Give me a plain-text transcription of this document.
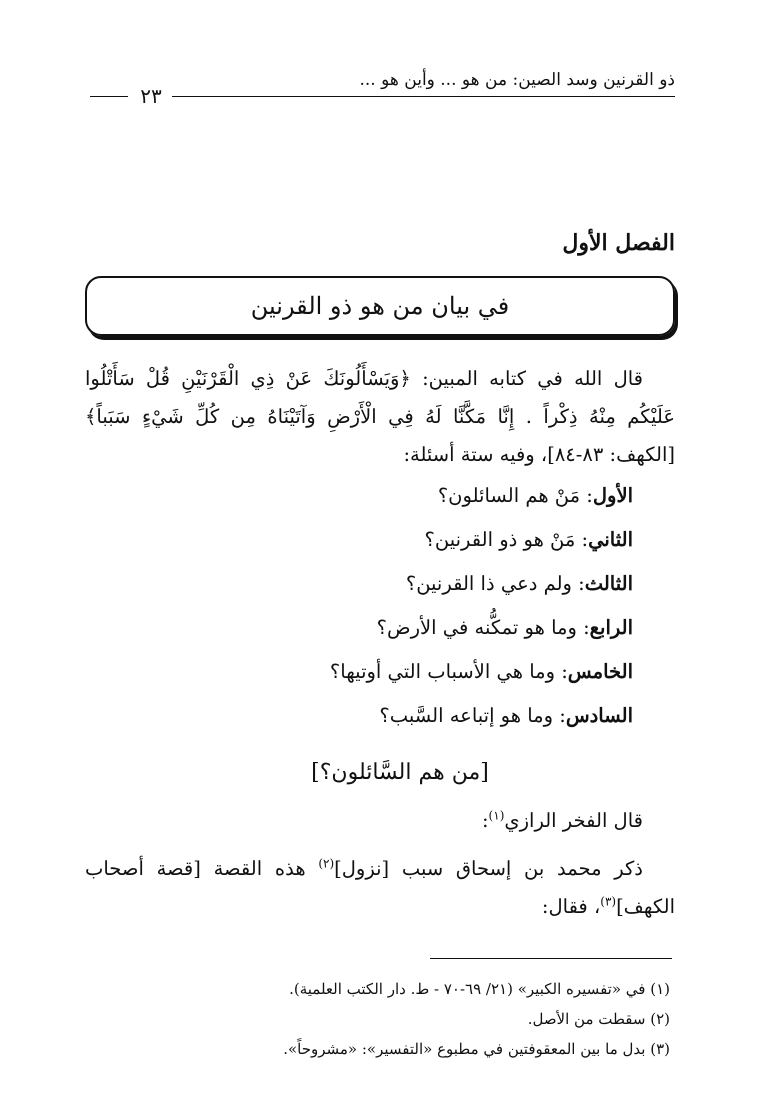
ذو القرنين وسد الصين: من هو ... وأين هو ...
٢٣
الفصل الأول
في بيان من هو ذو القرنين

قال الله في كتابه المبين: ﴿وَيَسْأَلُونَكَ عَنْ ذِي الْقَرْنَيْنِ قُلْ سَأَتْلُوا عَلَيْكُم مِنْهُ ذِكْراً . إِنَّا مَكَّنَّا لَهُ فِي الْأَرْضِ وَآتَيْنَاهُ مِن كُلِّ شَيْءٍ سَبَباً﴾ [الكهف: ٨٣-٨٤]، وفيه ستة أسئلة:

الأول: مَنْ هم السائلون؟

الثاني: مَنْ هو ذو القرنين؟

الثالث: ولم دعي ذا القرنين؟

الرابع: وما هو تمكُّنه في الأرض؟

الخامس: وما هي الأسباب التي أوتيها؟

السادس: وما هو إتباعه السَّبب؟

[من هم السَّائلون؟]

قال الفخر الرازي$^{(١)}$:

ذكر محمد بن إسحاق سبب [نزول]$^{(٢)}$ هذه القصة [قصة أصحاب الكهف]$^{(٣)}$، فقال:

(١) في «تفسيره الكبير» (٢١/ ٦٩-٧٠ - ط. دار الكتب العلمية).

(٢) سقطت من الأصل.

(٣) بدل ما بين المعقوفتين في مطبوع «التفسير»: «مشروحاً».
